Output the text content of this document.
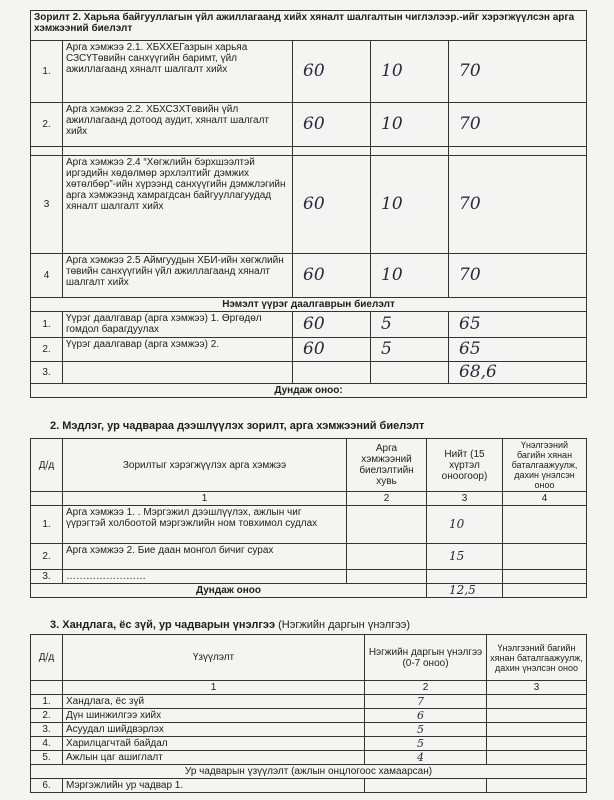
Зорилт 2. Харьяа байгууллагын үйл ажиллагаанд хийх хяналт шалгалтын чиглэлээр.-ийг хэрэгжүүлсэн арга хэмжээний биелэлт				
1.	Арга хэмжээ 2.1. ХБХХЕГазрын харьяа СЗСҮТөвийн санхүүгийн баримт, үйл ажиллагаанд хяналт шалгалт хийх	60	10	70
2.	Арга хэмжээ 2.2. ХБХСЗХТөвийн үйл ажиллагаанд дотоод аудит, хяналт шалгалт хийх	60	10	70

3	Арга хэмжээ 2.4 “Хөгжлийн бэрхшээлтэй иргэдийн хөдөлмөр эрхлэлтийг дэмжих хөтөлбөр”-ийн хүрээнд санхүүгийн дэмжлэгийн арга хэмжээнд хамрагдсан байгууллагуудад хяналт шалгалт хийх	60	10	70
4	Арга хэмжээ 2.5 Аймгуудын ХБИ-ийн хөгжлийн төвийн санхүүгийн үйл ажиллагаанд хяналт шалгалт хийх	60	10	70
Нэмэлт үүрэг даалгаврын биелэлт				
1.	Үүрэг даалгавар (арга хэмжээ) 1. Өргөдөл гомдол барагдуулах	60	5	65
2.	Үүрэг даалгавар (арга хэмжээ) 2.	60	5	65
3.				68,6
Дундаж оноо:				
2. Мэдлэг, ур чадвараа дээшлүүлэх зорилт, арга хэмжээний биелэлт
Д/д	Зорилтыг хэрэгжүүлэх арга хэмжээ	Арга хэмжээний биелэлтийн хувь	Нийт (15 хүртэл оноогоор)	Үнэлгээний багийн хянан баталгаажуулж, дахин үнэлсэн оноо
	1	2	3	4
1.	Арга хэмжээ 1. . Мэргэжил дээшлүүлэх, ажлын чиг үүрэгтэй холбоотой мэргэжлийн ном товхимол судлах		10	
2.	Арга хэмжээ 2. Бие даан монгол бичиг сурах		15	
3.	……………………			
Дундаж оноо			12,5	
3. Хандлага, ёс зүй, ур чадварын үнэлгээ (Нэгжийн даргын үнэлгээ)
Д/д	Үзүүлэлт	Нэгжийн даргын үнэлгээ (0-7 оноо)	Үнэлгээний багийн хянан баталгаажуулж, дахин үнэлсэн оноо
	1	2	3
1.	Хандлага, ёс зүй	7	
2.	Дүн шинжилгээ хийх	6	
3.	Асуудал шийдвэрлэх	5	
4.	Харилцагчтай байдал	5	
5.	Ажлын цаг ашиглалт	4	
Ур чадварын үзүүлэлт (ажлын онцлогоос хамаарсан)			
6.	Мэргэжлийн ур чадвар 1.		
